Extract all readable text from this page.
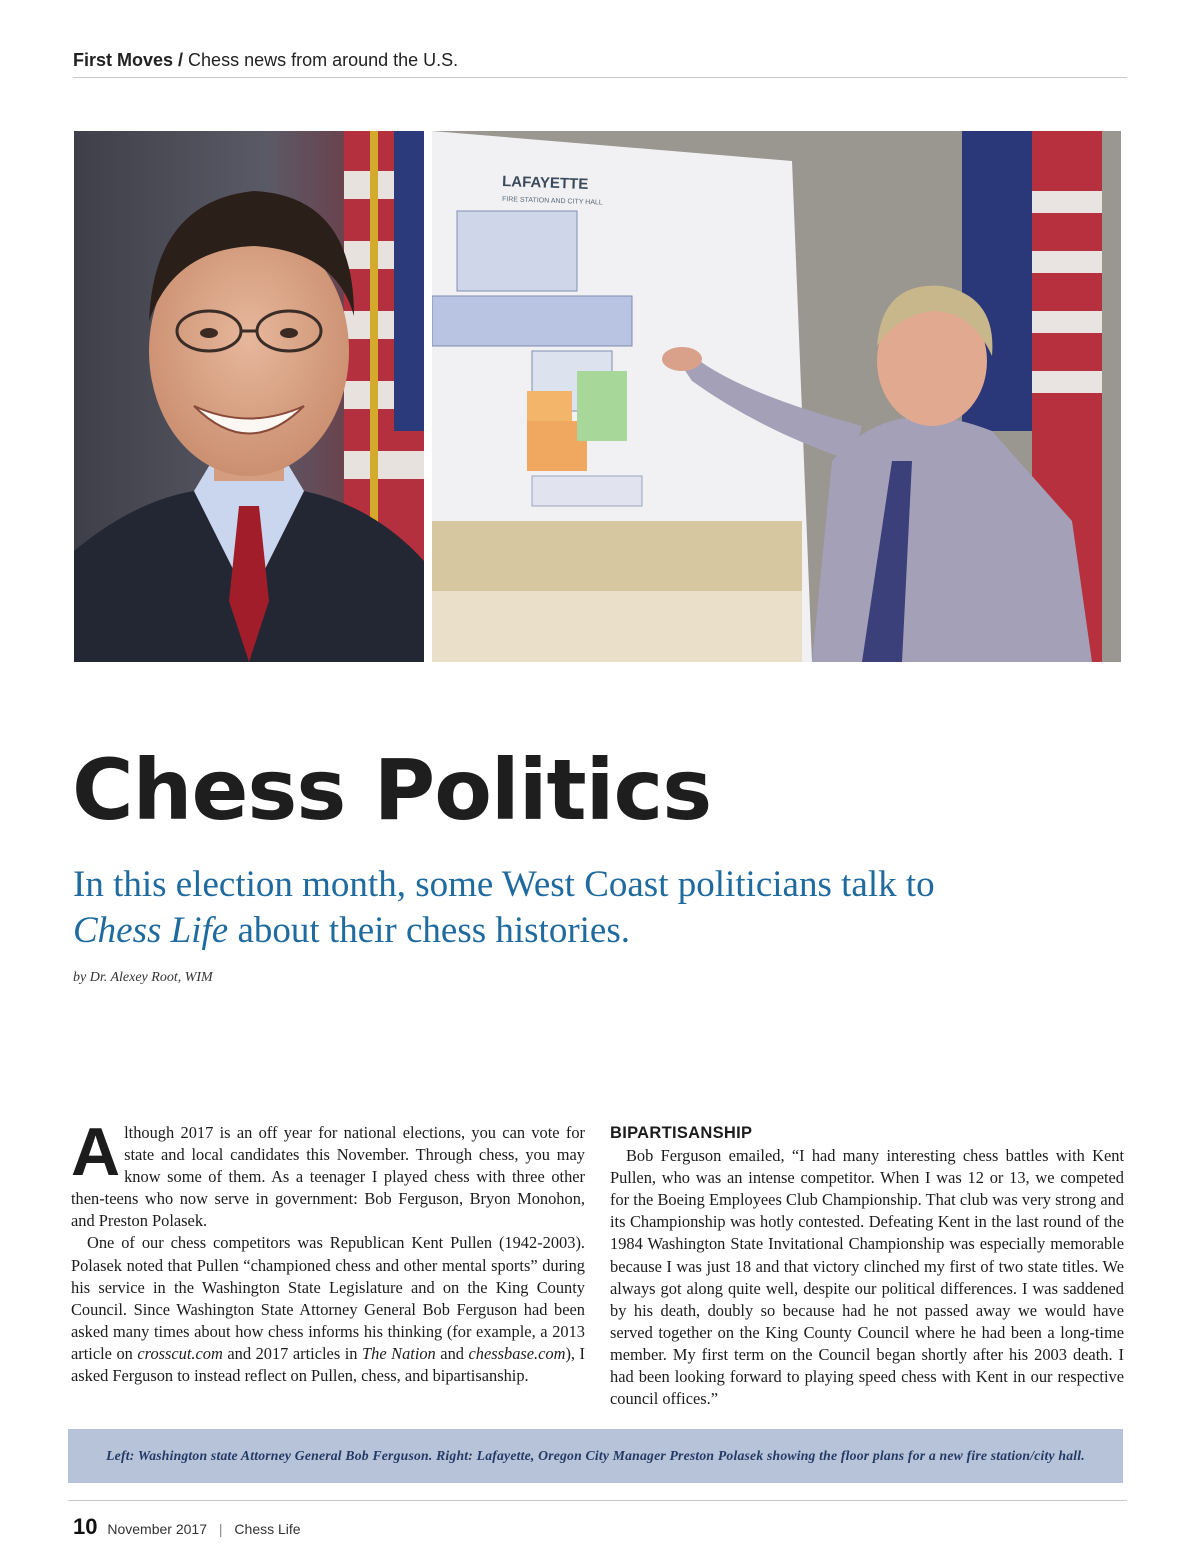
First Moves / Chess news from around the U.S.
LAFAYETTE
FIRE STATION AND CITY HALL
Chess Politics
In this election month, some West Coast politicians talk to
Chess Life about their chess histories.
by Dr. Alexey Root, WIM

Although 2017 is an off year for national elections, you can vote for state and local candidates this November. Through chess, you may know some of them. As a teenager I played chess with three other then-teens who now serve in government: Bob Ferguson, Bryon Monohon, and Preston Polasek.

One of our chess competitors was Republican Kent Pullen (1942-2003). Polasek noted that Pullen “championed chess and other mental sports” during his service in the Washington State Legislature and on the King County Council. Since Washington State Attorney General Bob Ferguson had been asked many times about how chess informs his thinking (for example, a 2013 article on crosscut.com and 2017 articles in The Nation and chessbase.com), I asked Ferguson to instead reflect on Pullen, chess, and bipartisanship.

BIPARTISANSHIP

Bob Ferguson emailed, “I had many interesting chess battles with Kent Pullen, who was an intense competitor. When I was 12 or 13, we competed for the Boeing Employees Club Championship. That club was very strong and its Championship was hotly contested. Defeating Kent in the last round of the 1984 Washington State Invitational Championship was especially memorable because I was just 18 and that victory clinched my first of two state titles. We always got along quite well, despite our political differences. I was saddened by his death, doubly so because had he not passed away we would have served together on the King County Council where he had been a long-time member. My first term on the Council began shortly after his 2003 death. I had been looking forward to playing speed chess with Kent in our respective council offices.”

Left: Washington state Attorney General Bob Ferguson. Right: Lafayette, Oregon City Manager Preston Polasek showing the floor plans for a new fire station/city hall.
10 November 2017 | Chess Life
